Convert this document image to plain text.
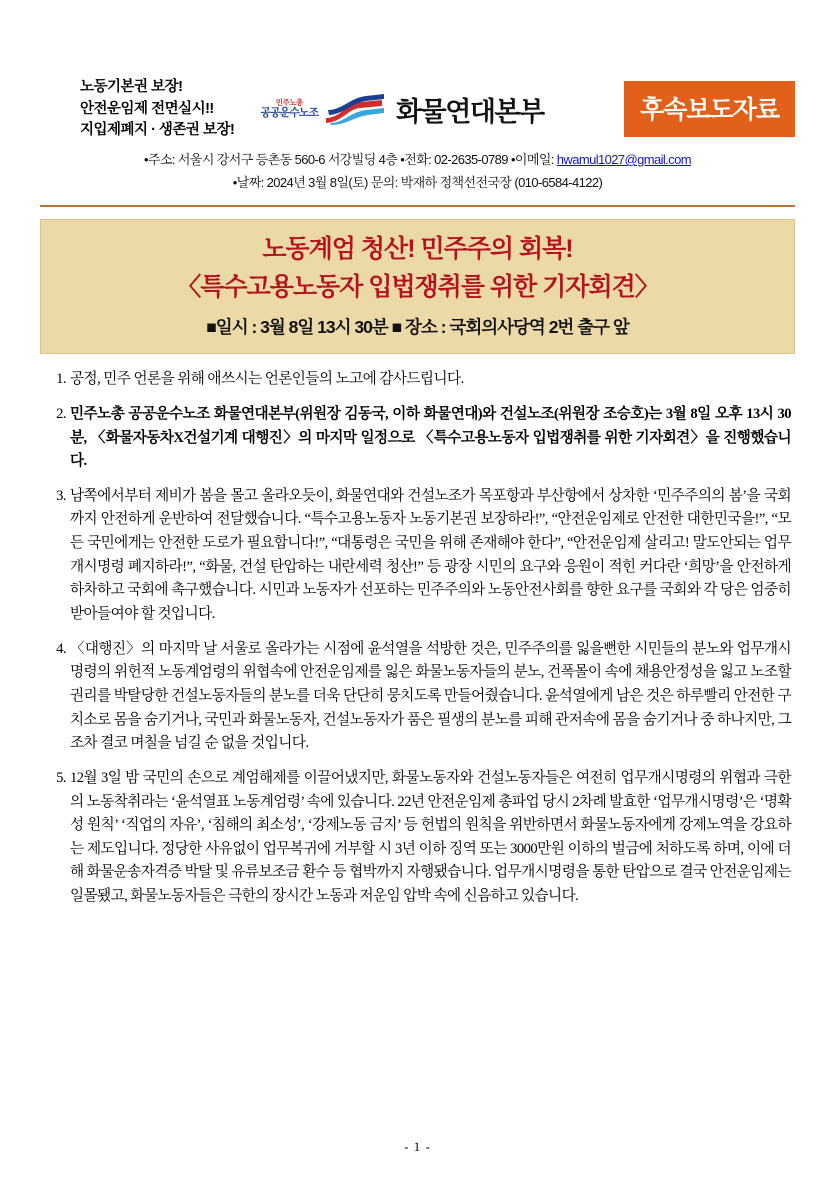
노동기본권 보장!
안전운임제 전면실시!!
지입제폐지 · 생존권 보장!
민주노총
공공운수노조	화물연대본부	후속보도자료
•주소: 서울시 강서구 등촌동 560-6 서강빌딩 4층 •전화: 02-2635-0789 •이메일: hwamul1027@gmail.com
•날짜: 2024년 3월 8일(토) 문의: 박재하 정책선전국장 (010-6584-4122)
노동계엄 청산! 민주주의 회복!
〈특수고용노동자 입법쟁취를 위한 기자회견〉
■일시 : 3월 8일 13시 30분 ■ 장소 : 국회의사당역 2번 출구 앞
1. 공정, 민주 언론을 위해 애쓰시는 언론인들의 노고에 감사드립니다.
2. 민주노총 공공운수노조 화물연대본부(위원장 김동국, 이하 화물연대)와 건설노조(위원장 조승호)는 3월 8일 오후 13시 30분, 〈화물자동차X건설기계 대행진〉의 마지막 일정으로 〈특수고용노동자 입법쟁취를 위한 기자회견〉을 진행했습니다.
3. 남쪽에서부터 제비가 봄을 몰고 올라오듯이, 화물연대와 건설노조가 목포항과 부산항에서 상차한 ‘민주주의의 봄’을 국회까지 안전하게 운반하여 전달했습니다. “특수고용노동자 노동기본권 보장하라!”, “안전운임제로 안전한 대한민국을!”, “모든 국민에게는 안전한 도로가 필요합니다!”, “대통령은 국민을 위해 존재해야 한다”, “안전운임제 살리고! 말도안되는 업무개시명령 폐지하라!”, “화물, 건설 탄압하는 내란세력 청산!” 등 광장 시민의 요구와 응원이 적힌 커다란 ‘희망’을 안전하게 하차하고 국회에 촉구했습니다. 시민과 노동자가 선포하는 민주주의와 노동안전사회를 향한 요구를 국회와 각 당은 엄중히 받아들여야 할 것입니다.
4. 〈대행진〉의 마지막 날 서울로 올라가는 시점에 윤석열을 석방한 것은, 민주주의를 잃을뻔한 시민들의 분노와 업무개시명령의 위헌적 노동계엄령의 위협속에 안전운임제를 잃은 화물노동자들의 분노, 건폭몰이 속에 채용안정성을 잃고 노조할 권리를 박탈당한 건설노동자들의 분노를 더욱 단단히 뭉치도록 만들어줬습니다. 윤석열에게 남은 것은 하루빨리 안전한 구치소로 몸을 숨기거나, 국민과 화물노동자, 건설노동자가 품은 필생의 분노를 피해 관저속에 몸을 숨기거나 중 하나지만, 그 조차 결코 며칠을 넘길 순 없을 것입니다.
5. 12월 3일 밤 국민의 손으로 계엄해제를 이끌어냈지만, 화물노동자와 건설노동자들은 여전히 업무개시명령의 위협과 극한의 노동착취라는 ‘윤석열표 노동계엄령’ 속에 있습니다. 22년 안전운임제 총파업 당시 2차례 발효한 ‘업무개시명령’은 ‘명확성 원칙’ ‘직업의 자유’, ‘침해의 최소성’, ‘강제노동 금지’ 등 헌법의 원칙을 위반하면서 화물노동자에게 강제노역을 강요하는 제도입니다. 정당한 사유없이 업무복귀에 거부할 시 3년 이하 징역 또는 3000만원 이하의 벌금에 처하도록 하며, 이에 더해 화물운송자격증 박탈 및 유류보조금 환수 등 협박까지 자행됐습니다. 업무개시명령을 통한 탄압으로 결국 안전운임제는 일몰됐고, 화물노동자들은 극한의 장시간 노동과 저운임 압박 속에 신음하고 있습니다.
- 1 -
